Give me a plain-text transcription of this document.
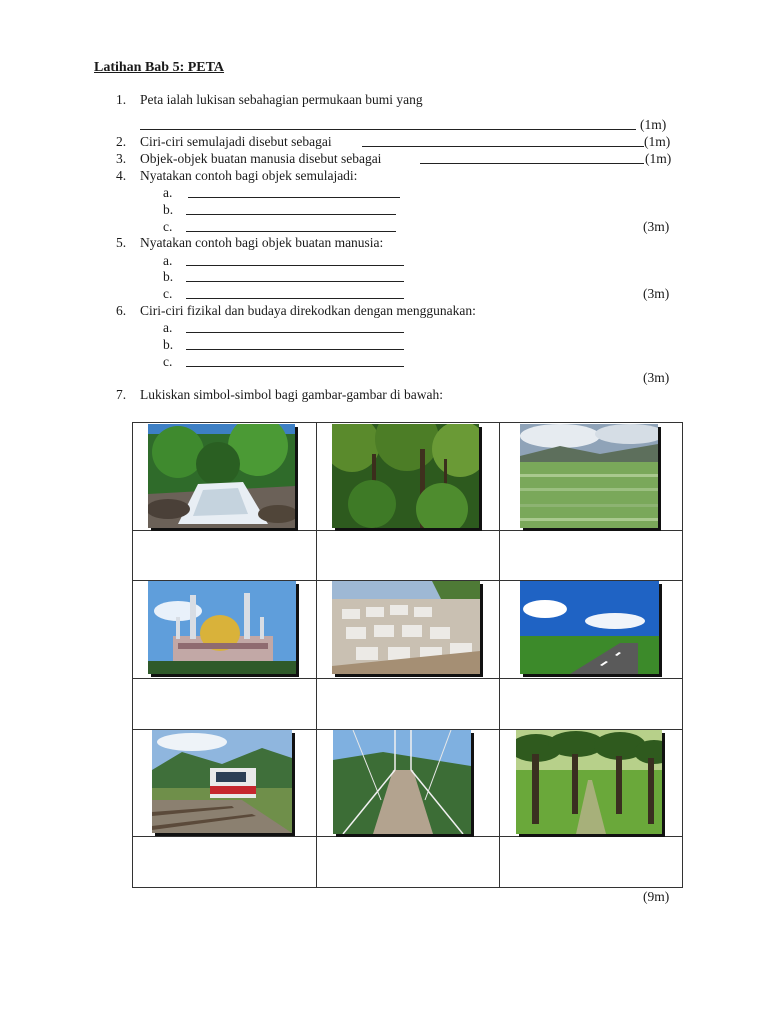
Latihan Bab 5: PETA
1. Peta ialah lukisan sebahagian permukaan bumi yang
(1m)
2. Ciri-ciri semulajadi disebut sebagai	(1m)
3. Objek-objek buatan manusia disebut sebagai	(1m)
4. Nyatakan contoh bagi objek semulajadi:
a.
b.
c.	(3m)
5. Nyatakan contoh bagi objek buatan manusia:
a.
b.
c.	(3m)
6. Ciri-ciri fizikal dan budaya direkodkan dengan menggunakan:
a.
b.
c.
(3m)
7. Lukiskan simbol-simbol bagi gambar-gambar di bawah:
(9m)
